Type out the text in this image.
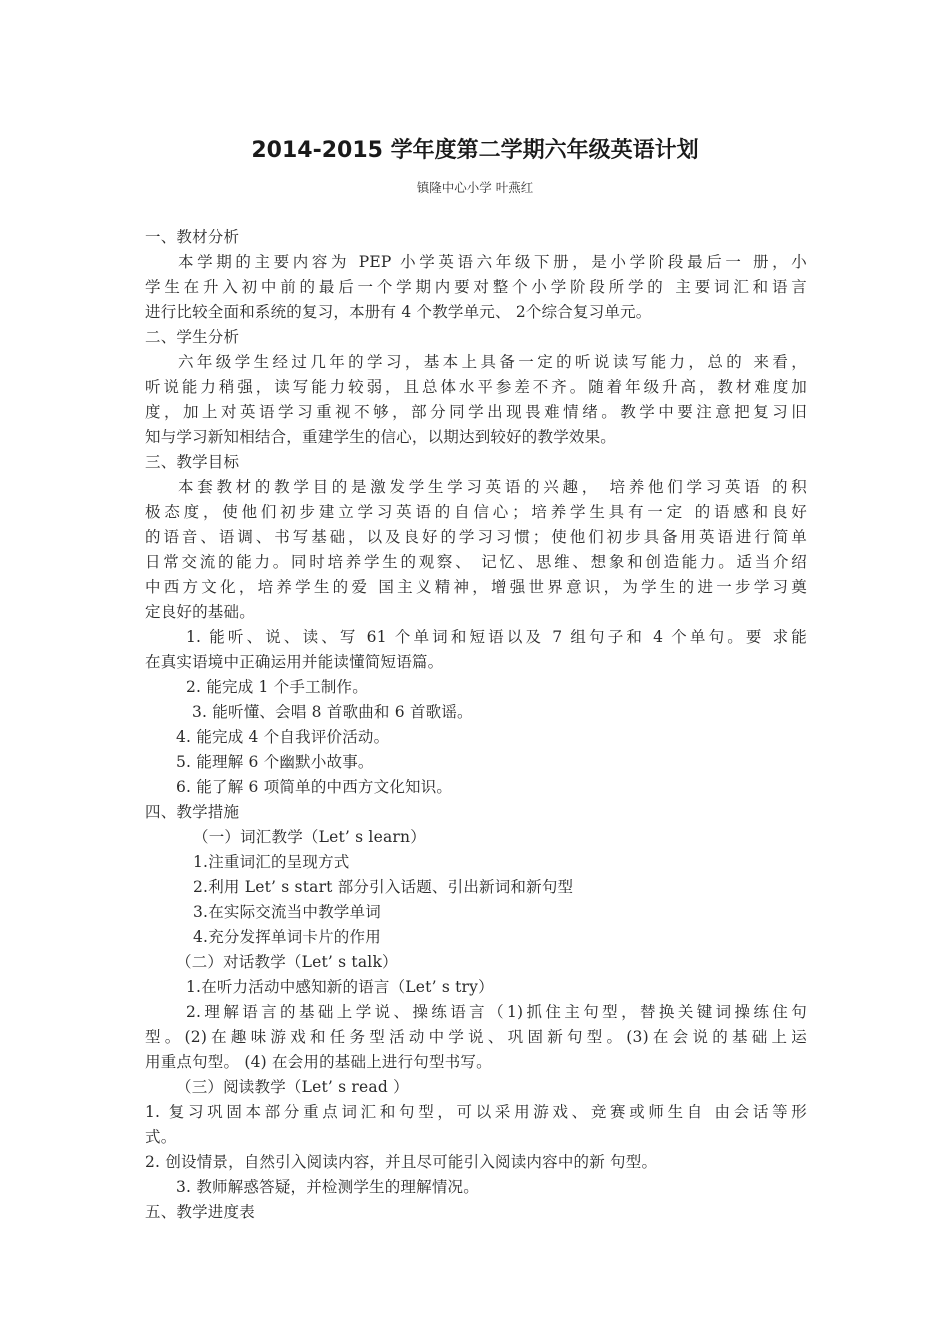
2014-2015 学年度第二学期六年级英语计划
镇隆中心小学 叶燕红
一、教材分析
本学期的主要内容为 PEP 小学英语六年级下册，是小学阶段最后一 册，小
学生在升入初中前的最后一个学期内要对整个小学阶段所学的 主要词汇和语言
进行比较全面和系统的复习，本册有 4 个教学单元、 2个综合复习单元。
二、学生分析
六年级学生经过几年的学习，基本上具备一定的听说读写能力，总的 来看，
听说能力稍强，读写能力较弱，且总体水平参差不齐。随着年级升高，教材难度加
度，加上对英语学习重视不够，部分同学出现畏难情绪。教学中要注意把复习旧
知与学习新知相结合，重建学生的信心，以期达到较好的教学效果。
三、教学目标
本套教材的教学目的是激发学生学习英语的兴趣， 培养他们学习英语 的积
极态度，使他们初步建立学习英语的自信心；培养学生具有一定 的语感和良好
的语音、语调、书写基础，以及良好的学习习惯；使他们初步具备用英语进行简单
日常交流的能力。同时培养学生的观察、 记忆、思维、想象和创造能力。适当介绍
中西方文化，培养学生的爱 国主义精神，增强世界意识，为学生的进一步学习奠
定良好的基础。
1. 能听、说、读、写 61 个单词和短语以及 7 组句子和 4 个单句。要 求能
在真实语境中正确运用并能读懂简短语篇。
2. 能完成 1 个手工制作。
3. 能听懂、会唱 8 首歌曲和 6 首歌谣。
4. 能完成 4 个自我评价活动。
5. 能理解 6 个幽默小故事。
6. 能了解 6 项简单的中西方文化知识。
四、教学措施
（一）词汇教学（Let’ s learn）
1.注重词汇的呈现方式
2.利用 Let’ s start 部分引入话题、引出新词和新句型
3.在实际交流当中教学单词
4.充分发挥单词卡片的作用
（二）对话教学（Let’ s talk）
1.在听力活动中感知新的语言（Let’ s try）
2.理解语言的基础上学说、操练语言（1)抓住主句型，替换关键词操练住句
型。(2)在趣味游戏和任务型活动中学说、巩固新句型。(3)在会说的基础上运
用重点句型。 (4) 在会用的基础上进行句型书写。
（三）阅读教学（Let’ s read ）
1. 复习巩固本部分重点词汇和句型，可以采用游戏、竞赛或师生自 由会话等形
式。
2. 创设情景，自然引入阅读内容，并且尽可能引入阅读内容中的新 句型。
3. 教师解惑答疑，并检测学生的理解情况。
五、教学进度表
